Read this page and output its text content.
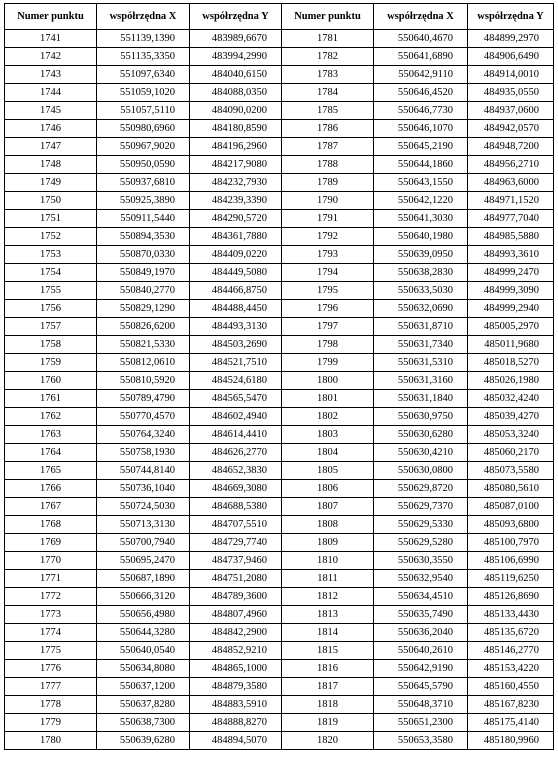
Numer punktu	współrzędna X	współrzędna Y	Numer punktu	współrzędna X	współrzędna Y
1741	551139,1390	483989,6670	1781	550640,4670	484899,2970
1742	551135,3350	483994,2990	1782	550641,6890	484906,6490
1743	551097,6340	484040,6150	1783	550642,9110	484914,0010
1744	551059,1020	484088,0350	1784	550646,4520	484935,0550
1745	551057,5110	484090,0200	1785	550646,7730	484937,0600
1746	550980,6960	484180,8590	1786	550646,1070	484942,0570
1747	550967,9020	484196,2960	1787	550645,2190	484948,7200
1748	550950,0590	484217,9080	1788	550644,1860	484956,2710
1749	550937,6810	484232,7930	1789	550643,1550	484963,6000
1750	550925,3890	484239,3390	1790	550642,1220	484971,1520
1751	550911,5440	484290,5720	1791	550641,3030	484977,7040
1752	550894,3530	484361,7880	1792	550640,1980	484985,5880
1753	550870,0330	484409,0220	1793	550639,0950	484993,3610
1754	550849,1970	484449,5080	1794	550638,2830	484999,2470
1755	550840,2770	484466,8750	1795	550633,5030	484999,3090
1756	550829,1290	484488,4450	1796	550632,0690	484999,2940
1757	550826,6200	484493,3130	1797	550631,8710	485005,2970
1758	550821,5330	484503,2690	1798	550631,7340	485011,9680
1759	550812,0610	484521,7510	1799	550631,5310	485018,5270
1760	550810,5920	484524,6180	1800	550631,3160	485026,1980
1761	550789,4790	484565,5470	1801	550631,1840	485032,4240
1762	550770,4570	484602,4940	1802	550630,9750	485039,4270
1763	550764,3240	484614,4410	1803	550630,6280	485053,3240
1764	550758,1930	484626,2770	1804	550630,4210	485060,2170
1765	550744,8140	484652,3830	1805	550630,0800	485073,5580
1766	550736,1040	484669,3080	1806	550629,8720	485080,5610
1767	550724,5030	484688,5380	1807	550629,7370	485087,0100
1768	550713,3130	484707,5510	1808	550629,5330	485093,6800
1769	550700,7940	484729,7740	1809	550629,5280	485100,7970
1770	550695,2470	484737,9460	1810	550630,3550	485106,6990
1771	550687,1890	484751,2080	1811	550632,9540	485119,6250
1772	550666,3120	484789,3600	1812	550634,4510	485126,8690
1773	550656,4980	484807,4960	1813	550635,7490	485133,4430
1774	550644,3280	484842,2900	1814	550636,2040	485135,6720
1775	550640,0540	484852,9210	1815	550640,2610	485146,2770
1776	550634,8080	484865,1000	1816	550642,9190	485153,4220
1777	550637,1200	484879,3580	1817	550645,5790	485160,4550
1778	550637,8280	484883,5910	1818	550648,3710	485167,8230
1779	550638,7300	484888,8270	1819	550651,2300	485175,4140
1780	550639,6280	484894,5070	1820	550653,3580	485180,9960
